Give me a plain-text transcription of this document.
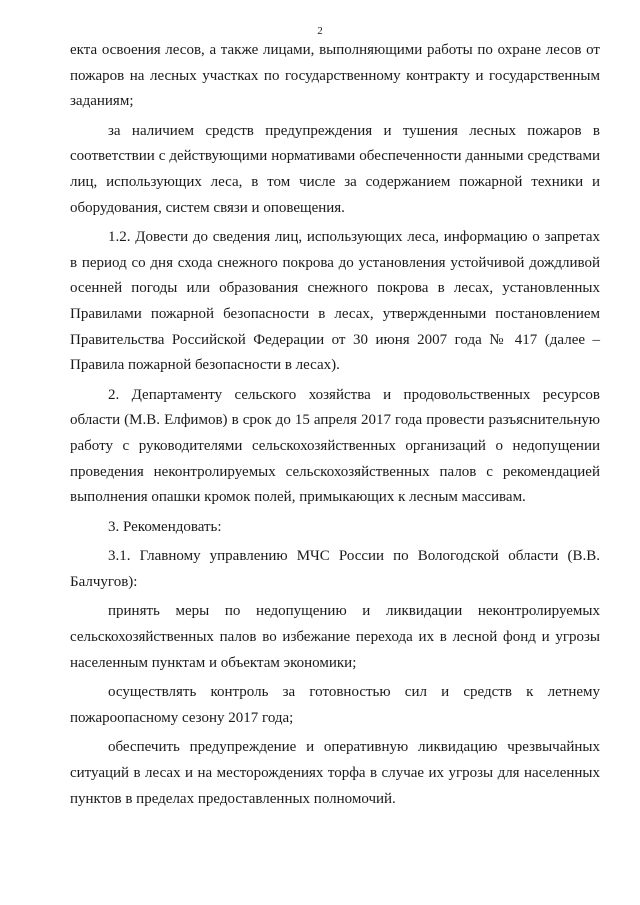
2

екта освоения лесов, а также лицами, выполняющими работы по охране лесов от пожаров на лесных участках по государственному контракту и государственным заданиям;

за наличием средств предупреждения и тушения лесных пожаров в соответствии с действующими нормативами обеспеченности данными средствами лиц, использующих леса, в том числе за содержанием пожарной техники и оборудования, систем связи и оповещения.

1.2. Довести до сведения лиц, использующих леса, информацию о запретах в период со дня схода снежного покрова до установления устойчивой дождливой осенней погоды или образования снежного покрова в лесах, установленных Правилами пожарной безопасности в лесах, утвержденными постановлением Правительства Российской Федерации от 30 июня 2007 года № 417 (далее – Правила пожарной безопасности в лесах).

2. Департаменту сельского хозяйства и продовольственных ресурсов области (М.В. Елфимов) в срок до 15 апреля 2017 года провести разъяснительную работу с руководителями сельскохозяйственных организаций о недопущении проведения неконтролируемых сельскохозяйственных палов с рекомендацией выполнения опашки кромок полей, примыкающих к лесным массивам.

3. Рекомендовать:

3.1. Главному управлению МЧС России по Вологодской области (В.В. Балчугов):

принять меры по недопущению и ликвидации неконтролируемых сельскохозяйственных палов во избежание перехода их в лесной фонд и угрозы населенным пунктам и объектам экономики;

осуществлять контроль за готовностью сил и средств к летнему пожароопасному сезону 2017 года;

обеспечить предупреждение и оперативную ликвидацию чрезвычайных ситуаций в лесах и на месторождениях торфа в случае их угрозы для населенных пунктов в пределах предоставленных полномочий.
